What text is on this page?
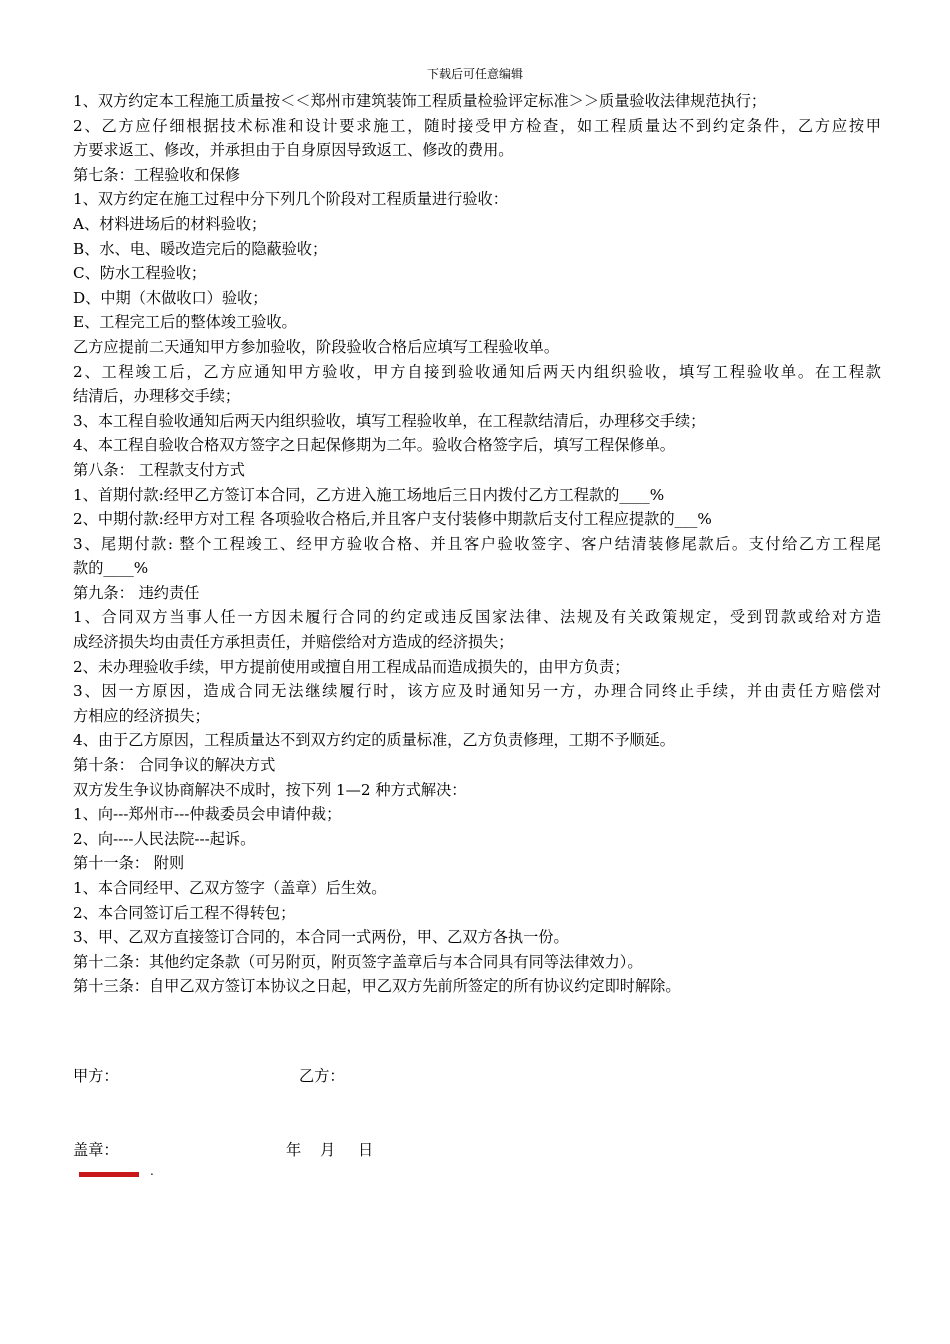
下载后可任意编辑
1、双方约定本工程施工质量按＜＜郑州市建筑装饰工程质量检验评定标准＞＞质量验收法律规范执行；
2、乙方应仔细根据技术标准和设计要求施工，随时接受甲方检查，如工程质量达不到约定条件，乙方应按甲
方要求返工、修改，并承担由于自身原因导致返工、修改的费用。
第七条：工程验收和保修
1、双方约定在施工过程中分下列几个阶段对工程质量进行验收：
A、材料进场后的材料验收；
B、水、电、暖改造完后的隐蔽验收；
C、防水工程验收；
D、中期（木做收口）验收；
E、工程完工后的整体竣工验收。
乙方应提前二天通知甲方参加验收，阶段验收合格后应填写工程验收单。
2、工程竣工后，乙方应通知甲方验收，甲方自接到验收通知后两天内组织验收，填写工程验收单。在工程款
结清后，办理移交手续；
3、本工程自验收通知后两天内组织验收，填写工程验收单，在工程款结清后，办理移交手续；
4、本工程自验收合格双方签字之日起保修期为二年。验收合格签字后，填写工程保修单。
第八条： 工程款支付方式
1、首期付款:经甲乙方签订本合同，乙方进入施工场地后三日内拨付乙方工程款的____%
2、中期付款:经甲方对工程 各项验收合格后,并且客户支付装修中期款后支付工程应提款的___%
3、尾期付款: 整个工程竣工、经甲方验收合格、并且客户验收签字、客户结清装修尾款后。支付给乙方工程尾
款的____%
第九条： 违约责任
1、合同双方当事人任一方因未履行合同的约定或违反国家法律、法规及有关政策规定，受到罚款或给对方造
成经济损失均由责任方承担责任，并赔偿给对方造成的经济损失；
2、未办理验收手续，甲方提前使用或擅自用工程成品而造成损失的，由甲方负责；
3、因一方原因，造成合同无法继续履行时，该方应及时通知另一方，办理合同终止手续，并由责任方赔偿对
方相应的经济损失；
4、由于乙方原因，工程质量达不到双方约定的质量标准，乙方负责修理，工期不予顺延。
第十条： 合同争议的解决方式
双方发生争议协商解决不成时，按下列 1—2 种方式解决：
1、向---郑州市---仲裁委员会申请仲裁；
2、向----人民法院---起诉。
第十一条： 附则
1、本合同经甲、乙双方签字（盖章）后生效。
2、本合同签订后工程不得转包；
3、甲、乙双方直接签订合同的，本合同一式两份，甲、乙双方各执一份。
第十二条：其他约定条款（可另附页，附页签字盖章后与本合同具有同等法律效力）。
第十三条：自甲乙双方签订本协议之日起，甲乙双方先前所签定的所有协议约定即时解除。
甲方：	乙方：
盖章：	年 月 日
.
